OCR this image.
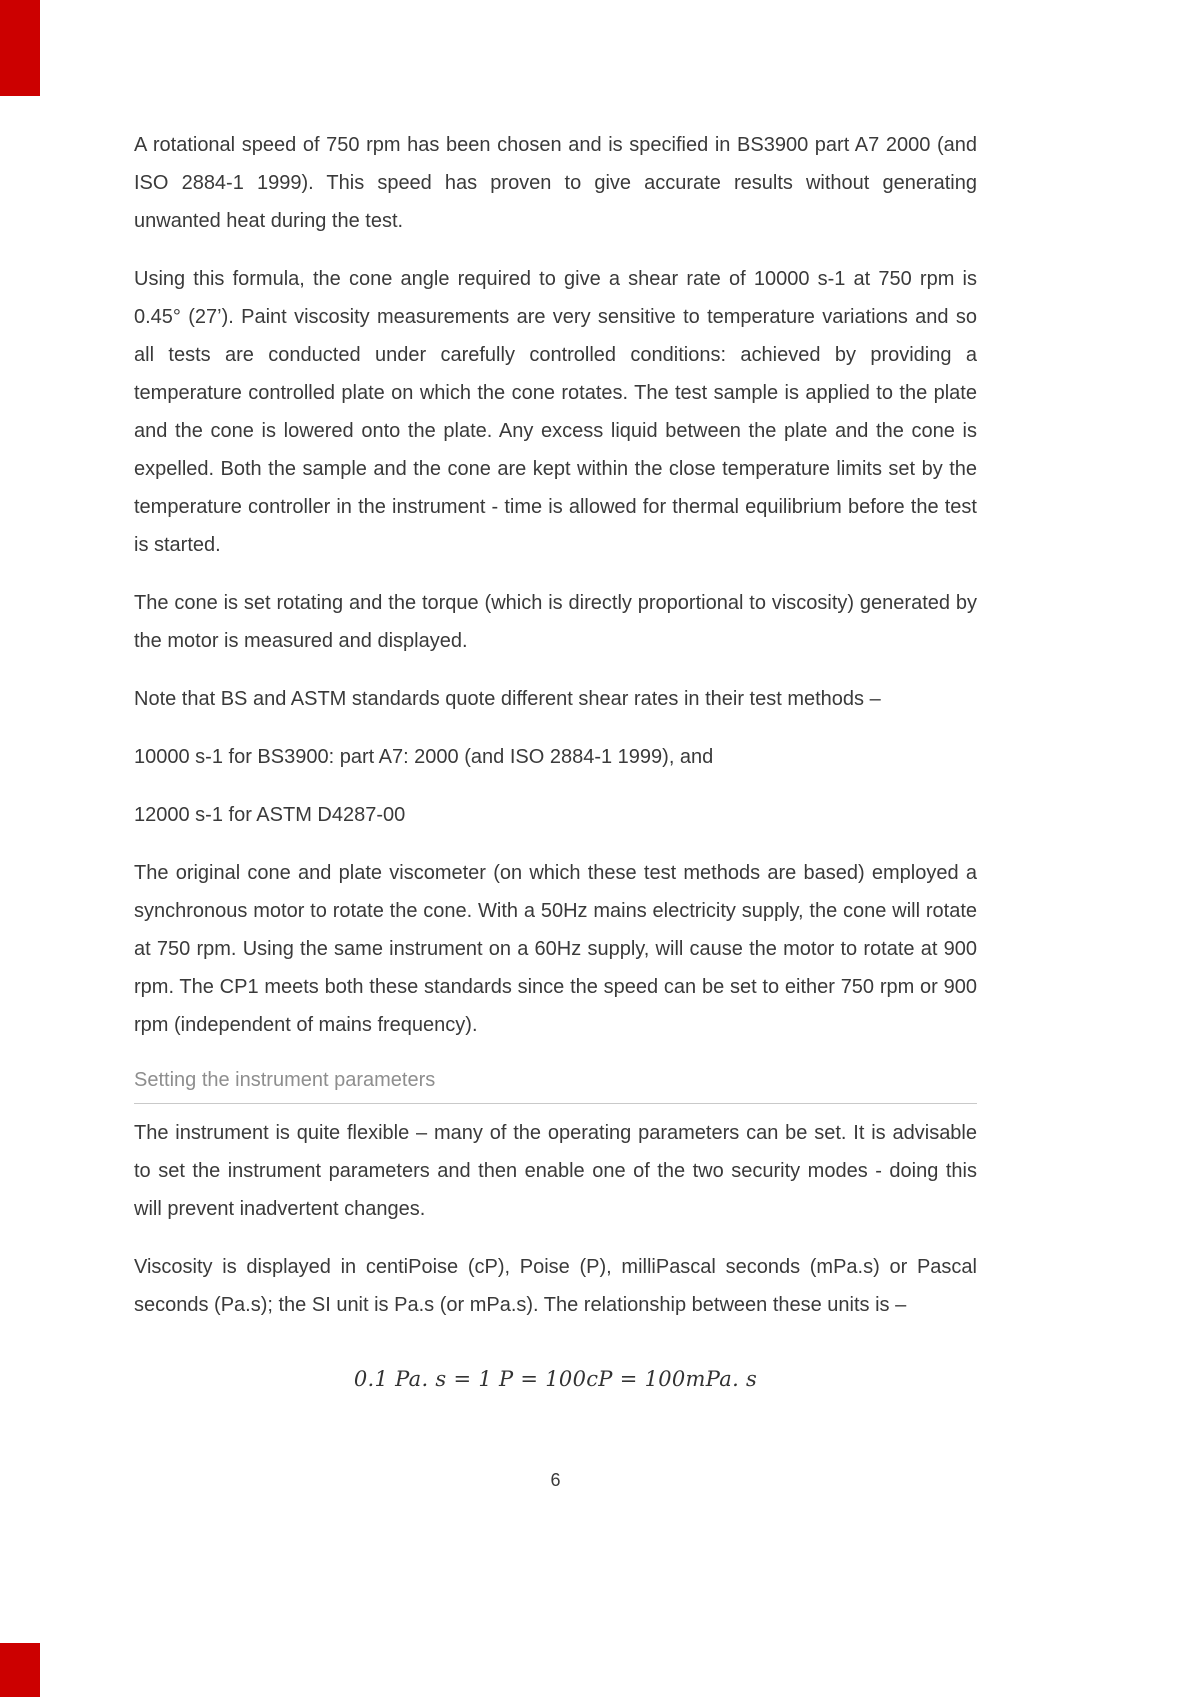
A rotational speed of 750 rpm has been chosen and is specified in BS3900 part A7 2000 (and ISO 2884-1 1999). This speed has proven to give accurate results without generating unwanted heat during the test.

Using this formula, the cone angle required to give a shear rate of 10000 s-1 at 750 rpm is 0.45° (27’). Paint viscosity measurements are very sensitive to temperature variations and so all tests are conducted under carefully controlled conditions: achieved by providing a temperature controlled plate on which the cone rotates. The test sample is applied to the plate and the cone is lowered onto the plate. Any excess liquid between the plate and the cone is expelled. Both the sample and the cone are kept within the close temperature limits set by the temperature controller in the instrument - time is allowed for thermal equilibrium before the test is started.

The cone is set rotating and the torque (which is directly proportional to viscosity) generated by the motor is measured and displayed.

Note that BS and ASTM standards quote different shear rates in their test methods –

10000 s-1 for BS3900: part A7: 2000 (and ISO 2884-1 1999), and

12000 s-1 for ASTM D4287-00

The original cone and plate viscometer (on which these test methods are based) employed a synchronous motor to rotate the cone. With a 50Hz mains electricity supply, the cone will rotate at 750 rpm. Using the same instrument on a 60Hz supply, will cause the motor to rotate at 900 rpm. The CP1 meets both these standards since the speed can be set to either 750 rpm or 900 rpm (independent of mains frequency).

Setting the instrument parameters

The instrument is quite flexible – many of the operating parameters can be set. It is advisable to set the instrument parameters and then enable one of the two security modes - doing this will prevent inadvertent changes.

Viscosity is displayed in centiPoise (cP), Poise (P), milliPascal seconds (mPa.s) or Pascal seconds (Pa.s); the SI unit is Pa.s (or mPa.s). The relationship between these units is –

0.1 Pa. s = 1 P = 100cP = 100mPa. s
6
